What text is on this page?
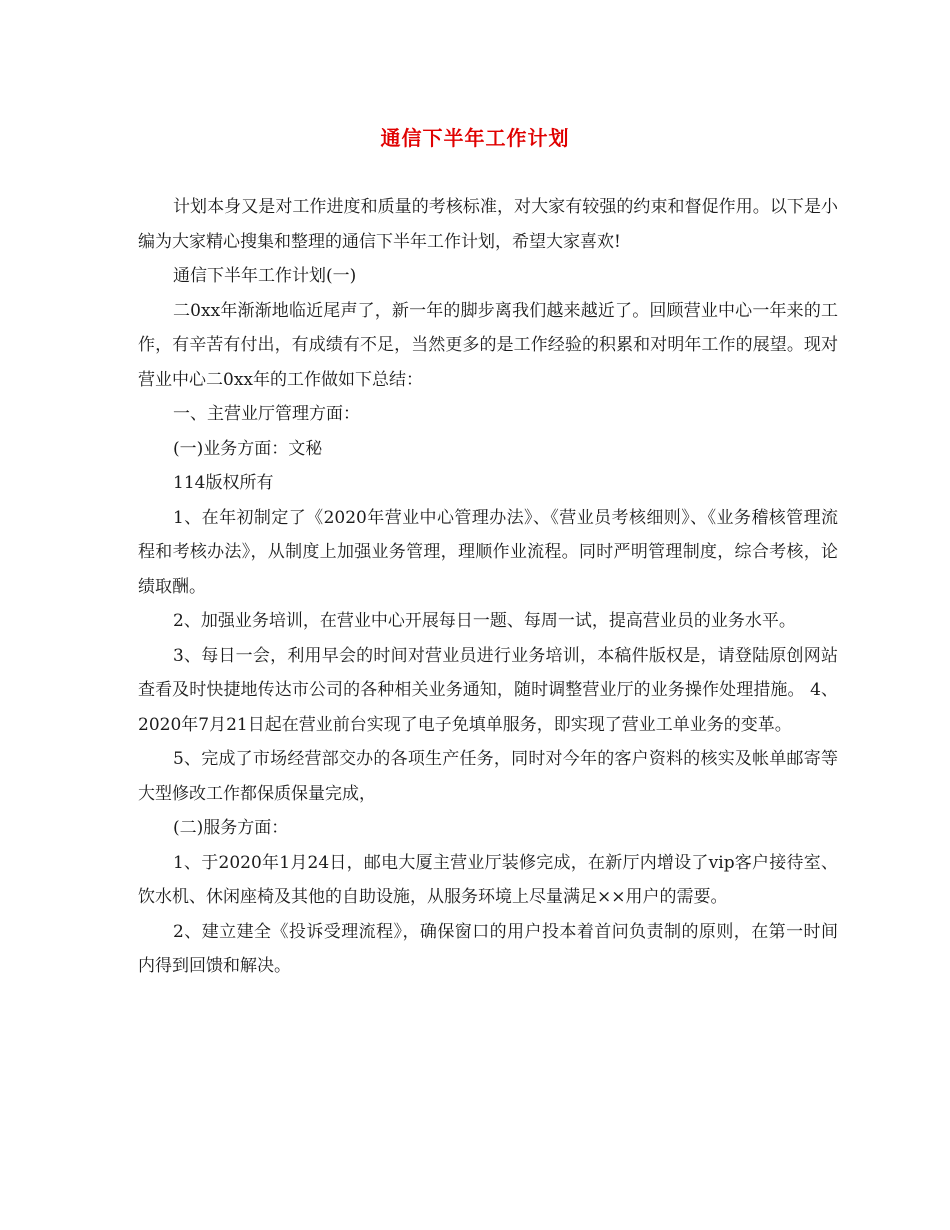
通信下半年工作计划

计划本身又是对工作进度和质量的考核标准，对大家有较强的约束和督促作用。以下是小编为大家精心搜集和整理的通信下半年工作计划，希望大家喜欢!

通信下半年工作计划(一)

二0xx年渐渐地临近尾声了，新一年的脚步离我们越来越近了。回顾营业中心一年来的工作，有辛苦有付出，有成绩有不足，当然更多的是工作经验的积累和对明年工作的展望。现对营业中心二0xx年的工作做如下总结：

一、主营业厅管理方面：

(一)业务方面：文秘

114版权所有

1、在年初制定了《2020年营业中心管理办法》、《营业员考核细则》、《业务稽核管理流程和考核办法》，从制度上加强业务管理，理顺作业流程。同时严明管理制度，综合考核，论绩取酬。

2、加强业务培训，在营业中心开展每日一题、每周一试，提高营业员的业务水平。

3、每日一会，利用早会的时间对营业员进行业务培训，本稿件版权是，请登陆原创网站查看及时快捷地传达市公司的各种相关业务通知，随时调整营业厅的业务操作处理措施。 4、2020年7月21日起在营业前台实现了电子免填单服务，即实现了营业工单业务的变革。

5、完成了市场经营部交办的各项生产任务，同时对今年的客户资料的核实及帐单邮寄等大型修改工作都保质保量完成，

(二)服务方面：

1、于2020年1月24日，邮电大厦主营业厅装修完成，在新厅内增设了vip客户接待室、饮水机、休闲座椅及其他的自助设施，从服务环境上尽量满足××用户的需要。

2、建立建全《投诉受理流程》，确保窗口的用户投本着首问负责制的原则，在第一时间内得到回馈和解决。
